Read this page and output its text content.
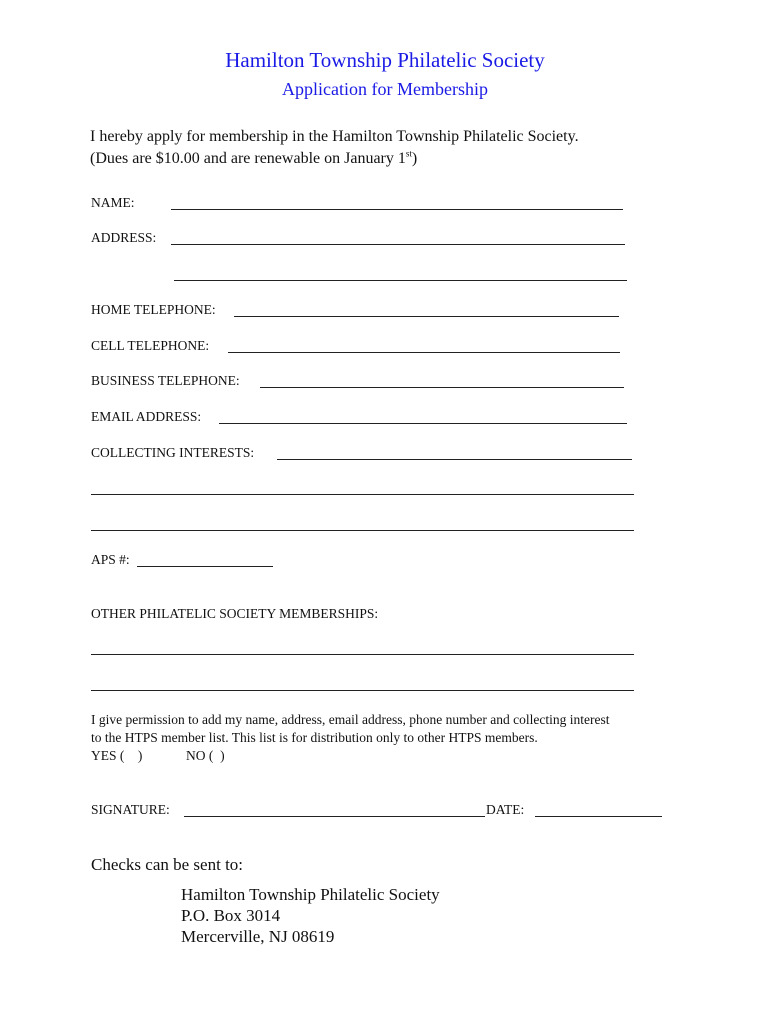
Hamilton Township Philatelic Society
Application for Membership
I hereby apply for membership in the Hamilton Township Philatelic Society.
(Dues are $10.00 and are renewable on January 1st)
NAME:
ADDRESS:
HOME TELEPHONE:
CELL TELEPHONE:
BUSINESS TELEPHONE:
EMAIL ADDRESS:
COLLECTING INTERESTS:
APS #:
OTHER PHILATELIC SOCIETY MEMBERSHIPS:
I give permission to add my name, address, email address, phone number and collecting interest
to the HTPS member list. This list is for distribution only to other HTPS members.
YES (    )	NO (  )
SIGNATURE:	DATE:
Checks can be sent to:
Hamilton Township Philatelic Society
P.O. Box 3014
Mercerville, NJ 08619
